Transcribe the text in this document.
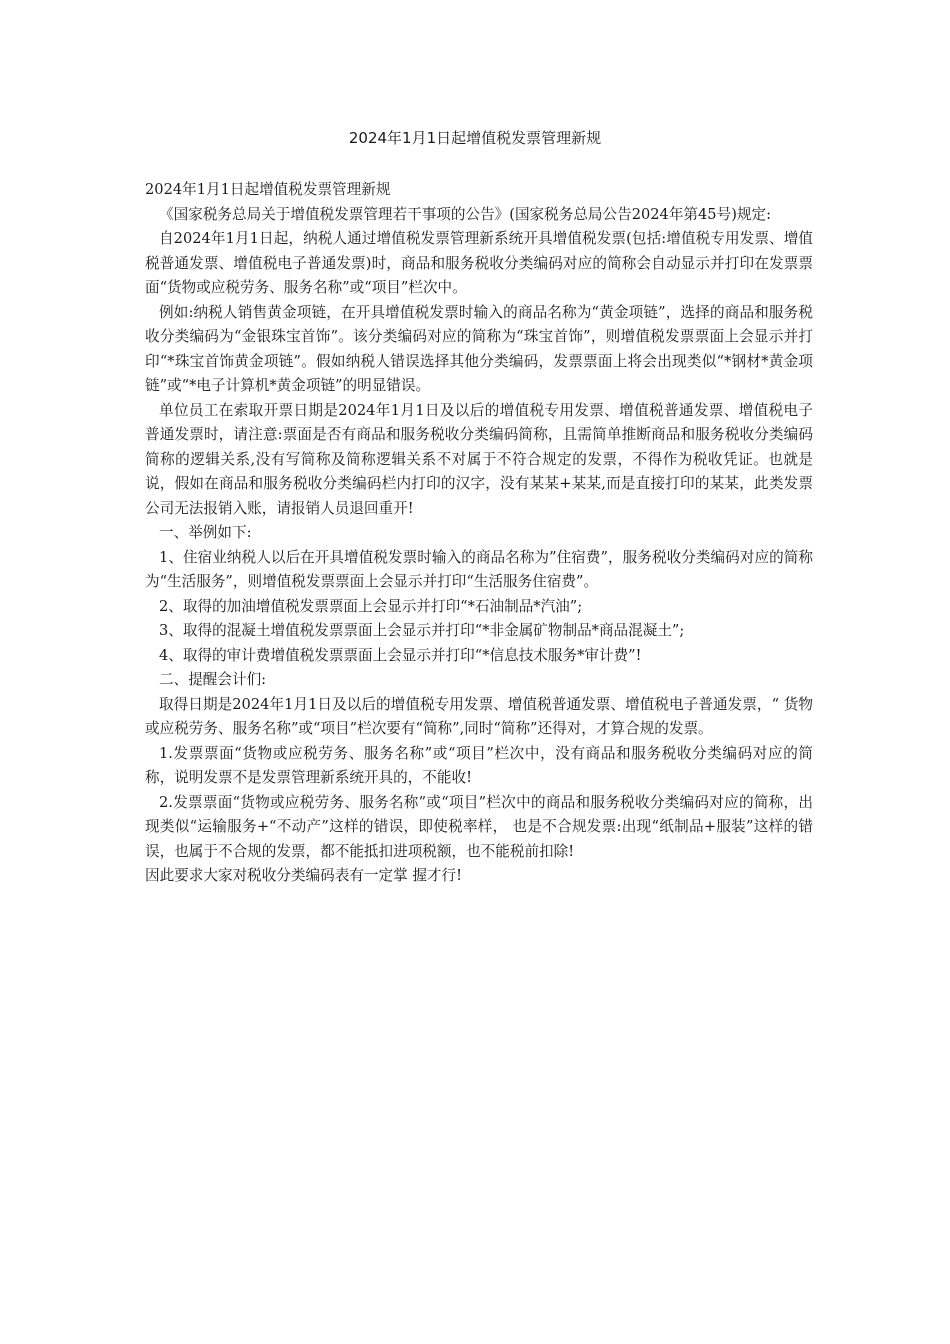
2024年1月1日起增值税发票管理新规

2024年1月1日起增值税发票管理新规

《国家税务总局关于增值税发票管理若干事项的公告》(国家税务总局公告2024年第45号)规定:

自2024年1月1日起，纳税人通过增值税发票管理新系统开具增值税发票(包括:增值税专用发票、增值税普通发票、增值税电子普通发票)时，商品和服务税收分类编码对应的简称会自动显示并打印在发票票面“货物或应税劳务、服务名称”或“项目”栏次中。

例如:纳税人销售黄金项链，在开具增值税发票时输入的商品名称为“黄金项链”，选择的商品和服务税收分类编码为“金银珠宝首饰”。该分类编码对应的简称为“珠宝首饰”，则增值税发票票面上会显示并打印“*珠宝首饰黄金项链”。假如纳税人错误选择其他分类编码，发票票面上将会出现类似“*钢材*黄金项链”或“*电子计算机*黄金项链”的明显错误。

单位员工在索取开票日期是2024年1月1日及以后的增值税专用发票、增值税普通发票、增值税电子普通发票时，请注意:票面是否有商品和服务税收分类编码简称，且需简单推断商品和服务税收分类编码简称的逻辑关系,没有写简称及简称逻辑关系不对属于不符合规定的发票，不得作为税收凭证。也就是说，假如在商品和服务税收分类编码栏内打印的汉字，没有某某+某某,而是直接打印的某某，此类发票公司无法报销入账，请报销人员退回重开!

一、举例如下:

1、住宿业纳税人以后在开具增值税发票时输入的商品名称为”住宿费”，服务税收分类编码对应的简称为“生活服务”，则增值税发票票面上会显示并打印“生活服务住宿费”。

2、取得的加油增值税发票票面上会显示并打印“*石油制品*汽油”;

3、取得的混凝土增值税发票票面上会显示并打印“*非金属矿物制品*商品混凝土”;

4、取得的审计费增值税发票票面上会显示并打印“*信息技术服务*审计费”!

二、提醒会计们:

取得日期是2024年1月1日及以后的增值税专用发票、增值税普通发票、增值税电子普通发票，“ 货物或应税劳务、服务名称”或“项目”栏次要有“简称”,同时“简称”还得对，才算合规的发票。

1.发票票面“货物或应税劳务、服务名称”或“项目”栏次中，没有商品和服务税收分类编码对应的简称，说明发票不是发票管理新系统开具的，不能收!

2.发票票面“货物或应税劳务、服务名称”或“项目”栏次中的商品和服务税收分类编码对应的简称，出现类似“运输服务+“不动产”这样的错误，即使税率样， 也是不合规发票:出现“纸制品+服装”这样的错误，也属于不合规的发票，都不能抵扣进项税额，也不能税前扣除!

因此要求大家对税收分类编码表有一定掌 握才行!
